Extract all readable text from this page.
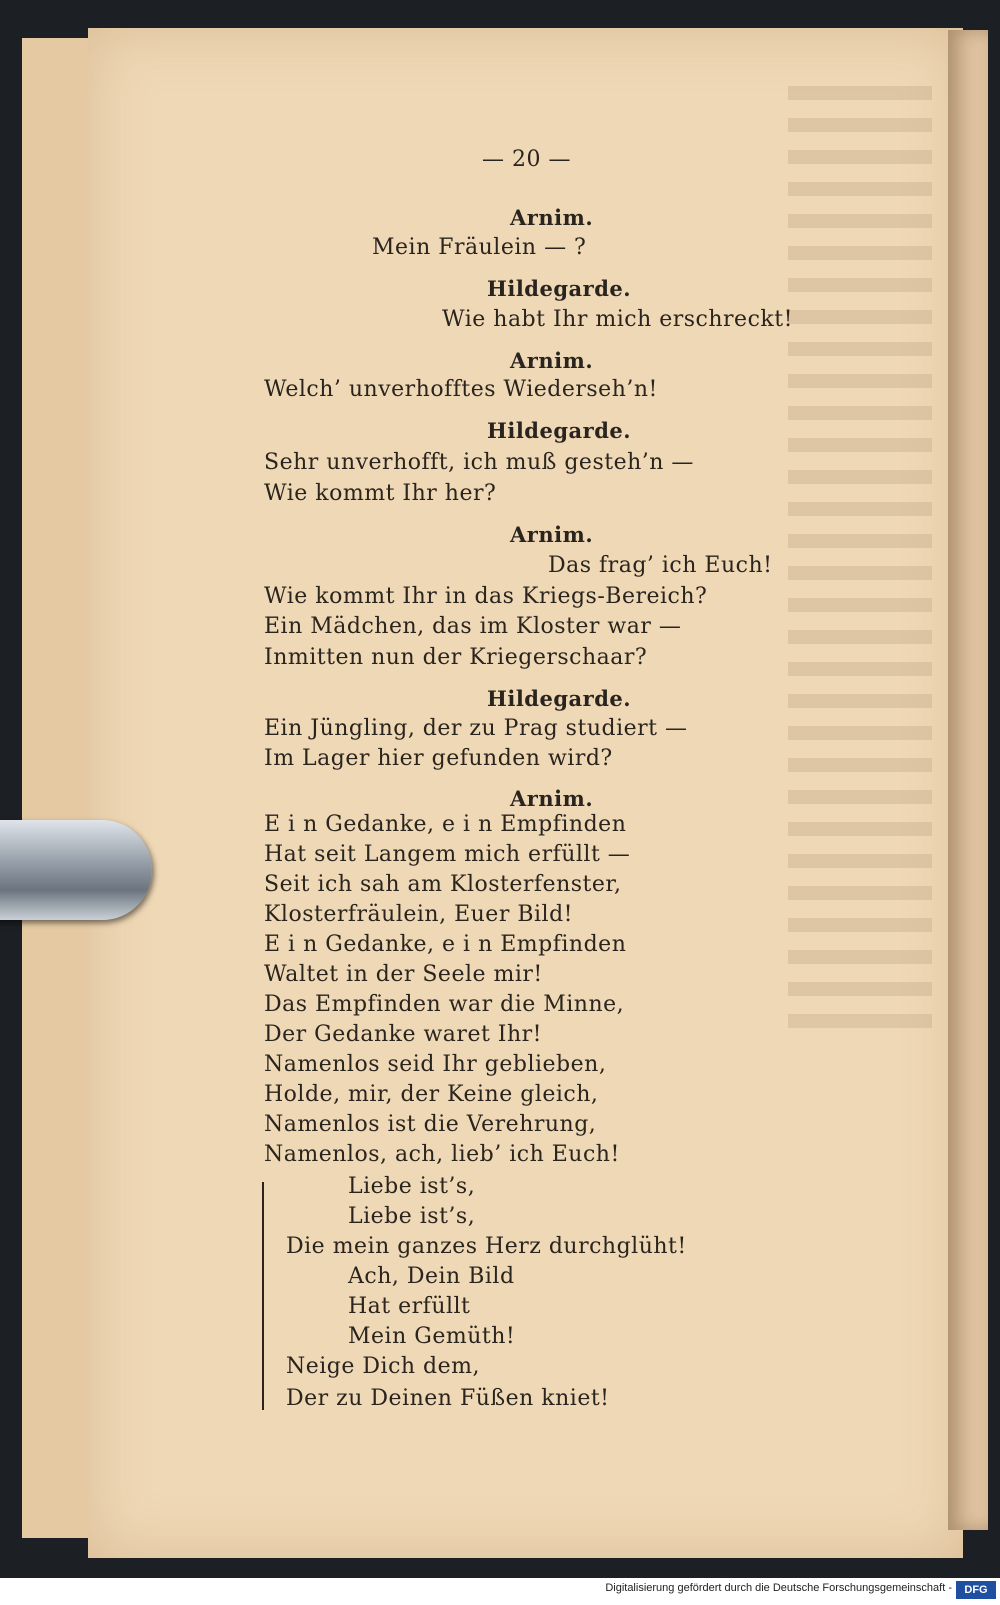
— 20 —
Arnim.
Mein Fräulein — ?
Hildegarde.
Wie habt Ihr mich erschreckt!
Arnim.
Welch’ unverhofftes Wiederseh’n!
Hildegarde.
Sehr unverhofft, ich muß gesteh’n —
Wie kommt Ihr her?
Arnim.
Das frag’ ich Euch!
Wie kommt Ihr in das Kriegs-Bereich?
Ein Mädchen, das im Kloster war —
Inmitten nun der Kriegerschaar?
Hildegarde.
Ein Jüngling, der zu Prag studiert —
Im Lager hier gefunden wird?
Arnim.
E i n Gedanke, e i n Empfinden
Hat seit Langem mich erfüllt —
Seit ich sah am Klosterfenster,
Klosterfräulein, Euer Bild!
E i n Gedanke, e i n Empfinden
Waltet in der Seele mir!
Das Empfinden war die Minne,
Der Gedanke waret Ihr!
Namenlos seid Ihr geblieben,
Holde, mir, der Keine gleich,
Namenlos ist die Verehrung,
Namenlos, ach, lieb’ ich Euch!
Liebe ist’s,
Liebe ist’s,
Die mein ganzes Herz durchglüht!
Ach, Dein Bild
Hat erfüllt
Mein Gemüth!
Neige Dich dem,
Der zu Deinen Füßen kniet!
Digitalisierung gefördert durch die Deutsche Forschungsgemeinschaft -	DFG
